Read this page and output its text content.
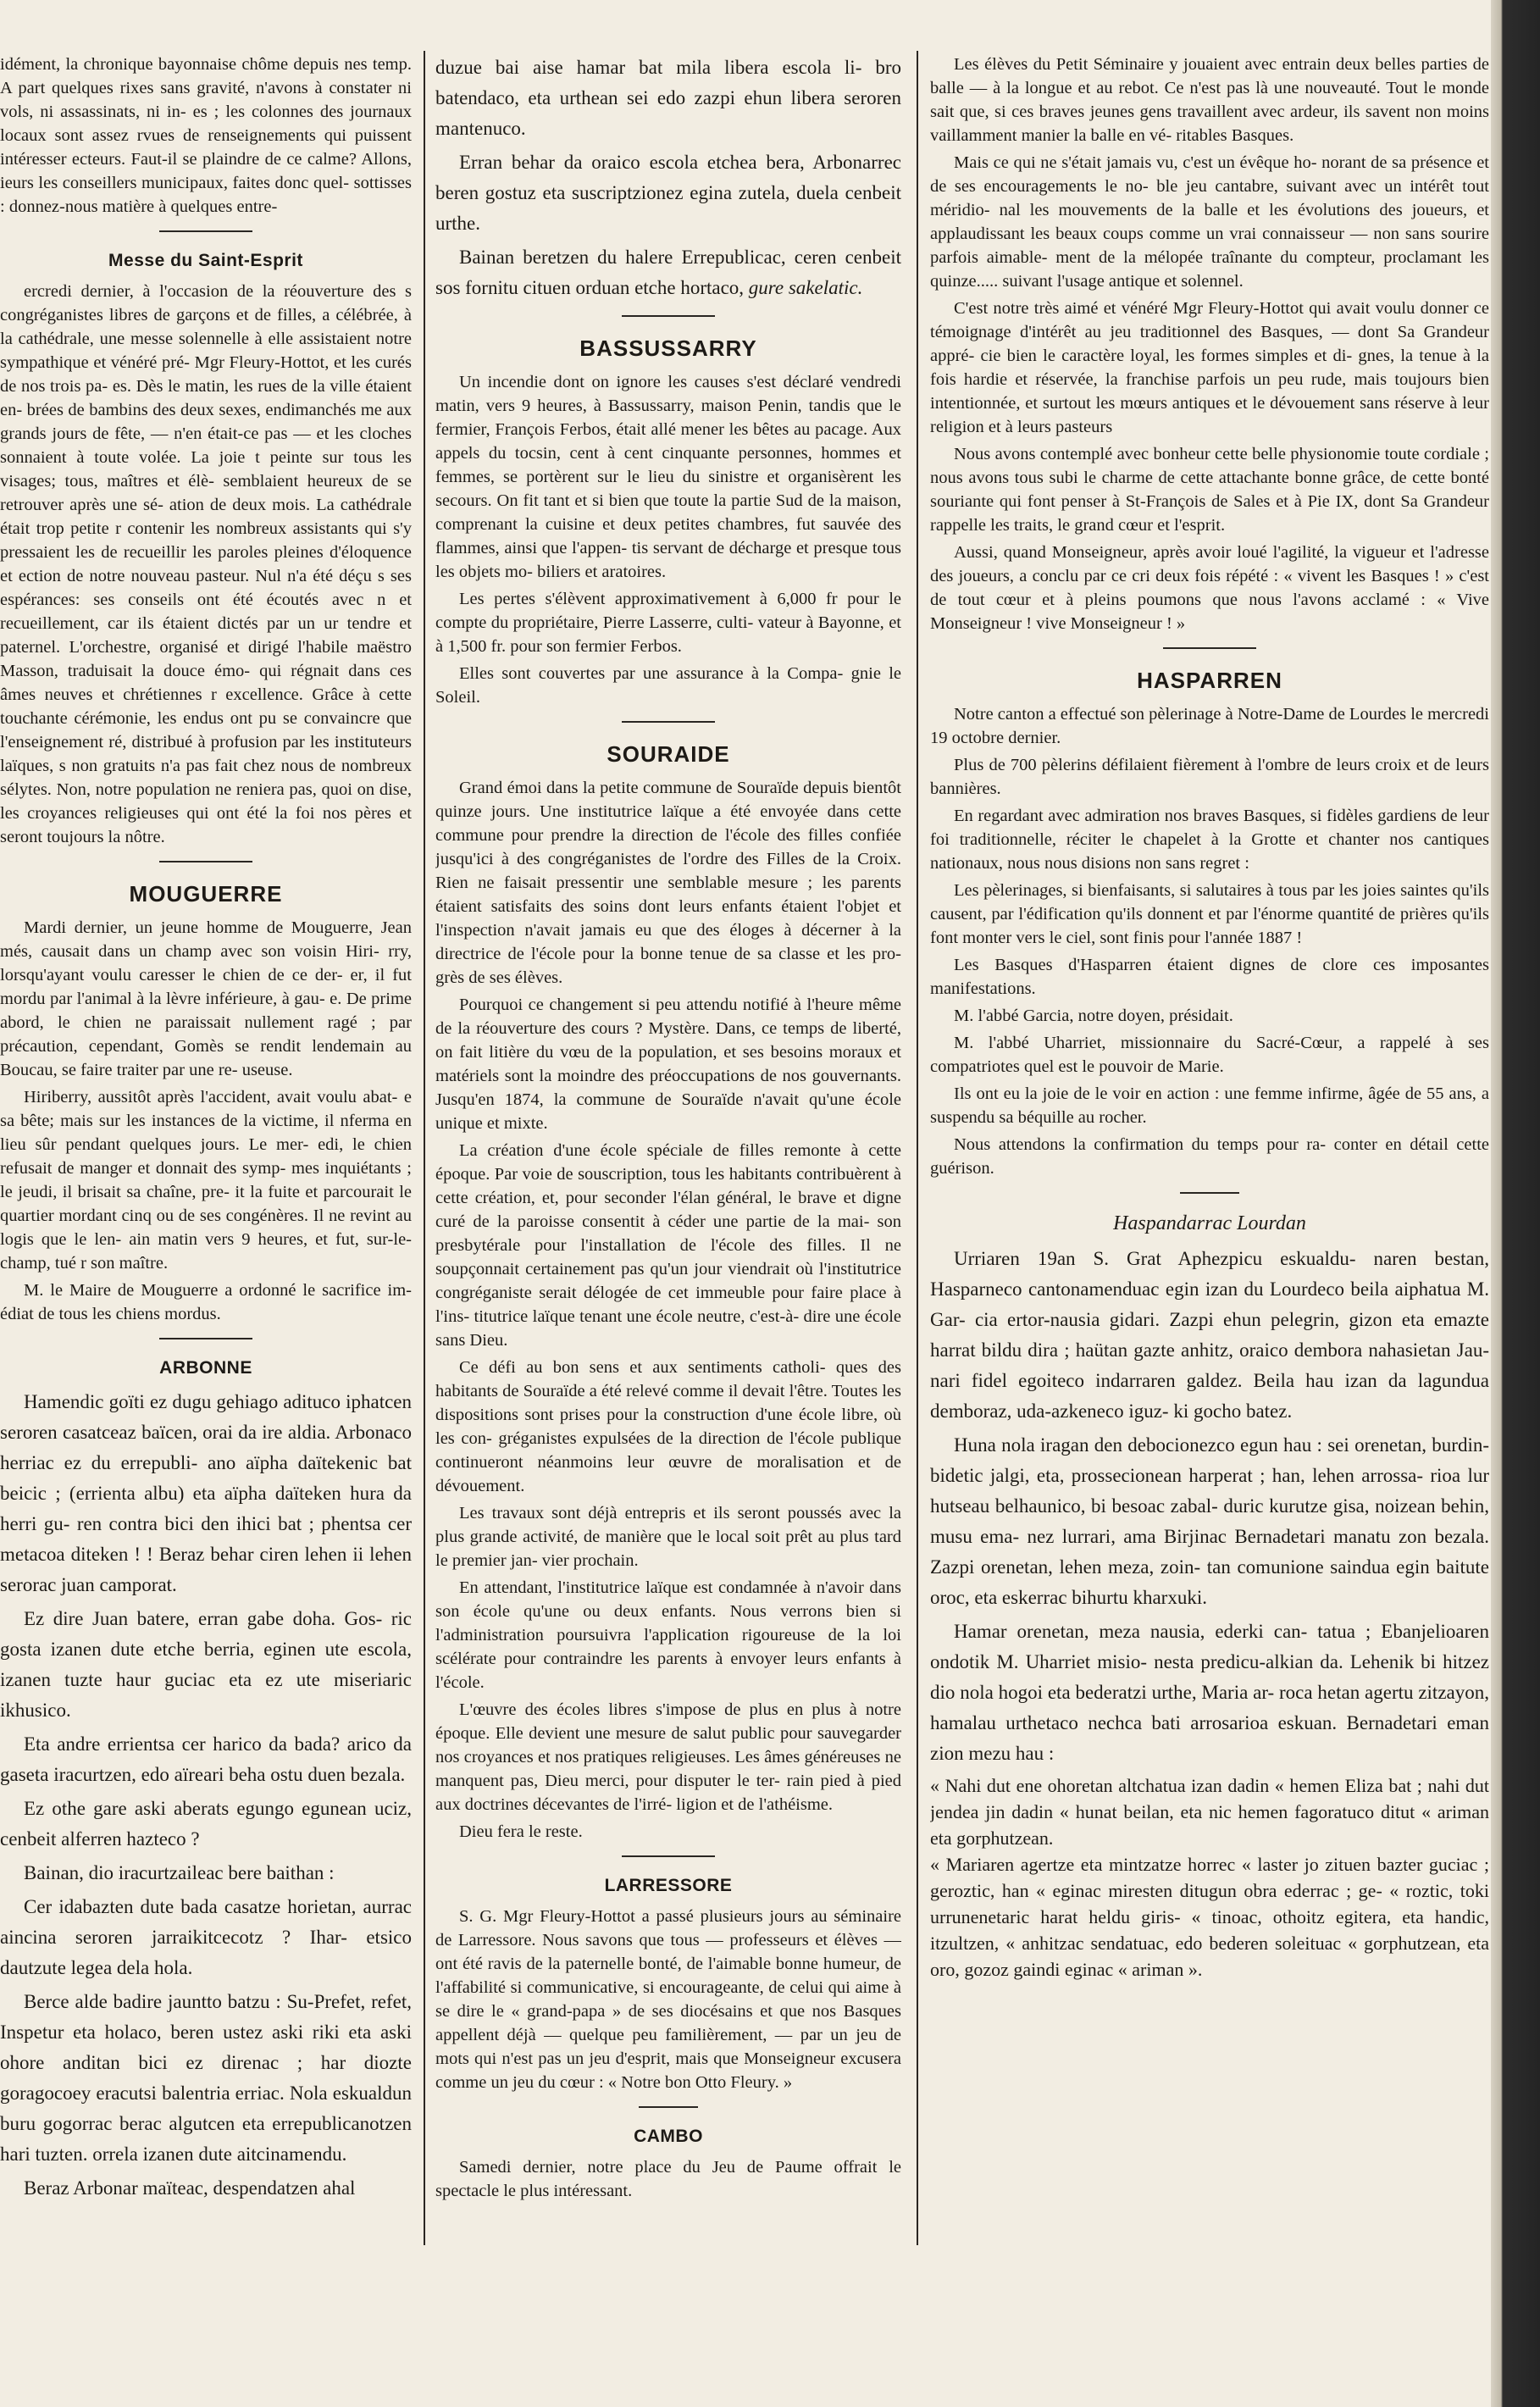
idément, la chronique bayonnaise chôme depuis nes temp. A part quelques rixes sans gravité, n'avons à constater ni vols, ni assassinats, ni in- es ; les colonnes des journaux locaux sont assez rvues de renseignements qui puissent intéresser ecteurs. Faut-il se plaindre de ce calme? Allons, ieurs les conseillers municipaux, faites donc quel- sottisses : donnez-nous matière à quelques entre-

Messe du Saint-Esprit

ercredi dernier, à l'occasion de la réouverture des s congréganistes libres de garçons et de filles, a célébrée, à la cathédrale, une messe solennelle à elle assistaient notre sympathique et vénéré pré- Mgr Fleury-Hottot, et les curés de nos trois pa- es. Dès le matin, les rues de la ville étaient en- brées de bambins des deux sexes, endimanchés me aux grands jours de fête, — n'en était-ce pas — et les cloches sonnaient à toute volée. La joie t peinte sur tous les visages; tous, maîtres et élè- semblaient heureux de se retrouver après une sé- ation de deux mois. La cathédrale était trop petite r contenir les nombreux assistants qui s'y pressaient les de recueillir les paroles pleines d'éloquence et ection de notre nouveau pasteur. Nul n'a été déçu s ses espérances: ses conseils ont été écoutés avec n et recueillement, car ils étaient dictés par un ur tendre et paternel. L'orchestre, organisé et dirigé l'habile maëstro Masson, traduisait la douce émo- qui régnait dans ces âmes neuves et chrétiennes r excellence. Grâce à cette touchante cérémonie, les endus ont pu se convaincre que l'enseignement ré, distribué à profusion par les instituteurs laïques, s non gratuits n'a pas fait chez nous de nombreux sélytes. Non, notre population ne reniera pas, quoi on dise, les croyances religieuses qui ont été la foi nos pères et seront toujours la nôtre.

MOUGUERRE

Mardi dernier, un jeune homme de Mouguerre, Jean més, causait dans un champ avec son voisin Hiri- rry, lorsqu'ayant voulu caresser le chien de ce der- er, il fut mordu par l'animal à la lèvre inférieure, à gau- e. De prime abord, le chien ne paraissait nullement ragé ; par précaution, cependant, Gomès se rendit lendemain au Boucau, se faire traiter par une re- useuse.

Hiriberry, aussitôt après l'accident, avait voulu abat- e sa bête; mais sur les instances de la victime, il nferma en lieu sûr pendant quelques jours. Le mer- edi, le chien refusait de manger et donnait des symp- mes inquiétants ; le jeudi, il brisait sa chaîne, pre- it la fuite et parcourait le quartier mordant cinq ou de ses congénères. Il ne revint au logis que le len- ain matin vers 9 heures, et fut, sur-le-champ, tué r son maître.

M. le Maire de Mouguerre a ordonné le sacrifice im- édiat de tous les chiens mordus.

ARBONNE

Hamendic goïti ez dugu gehiago adituco iphatcen seroren casatceaz baïcen, orai da ire aldia. Arbonaco herriac ez du errepubli- ano aïpha daïtekenic bat beicic ; (errienta albu) eta aïpha daïteken hura da herri gu- ren contra bici den ihici bat ; phentsa cer metacoa diteken ! ! Beraz behar ciren lehen ii lehen serorac juan camporat.

Ez dire Juan batere, erran gabe doha. Gos- ric gosta izanen dute etche berria, eginen ute escola, izanen tuzte haur guciac eta ez ute miseriaric ikhusico.

Eta andre errientsa cer harico da bada? arico da gaseta iracurtzen, edo aïreari beha ostu duen bezala.

Ez othe gare aski aberats egungo egunean uciz, cenbeit alferren hazteco ?

Bainan, dio iracurtzaileac bere baithan :

Cer idabazten dute bada casatze horietan, aurrac aincina seroren jarraikitcecotz ? Ihar- etsico dautzute legea dela hola.

Berce alde badire jauntto batzu : Su-Prefet, refet, Inspetur eta holaco, beren ustez aski riki eta aski ohore anditan bici ez direnac ; har diozte goragocoey eracutsi balentria erriac. Nola eskualdun buru gogorrac berac algutcen eta errepublicanotzen hari tuzten. orrela izanen dute aitcinamendu.

Beraz Arbonar maïteac, despendatzen ahal

duzue bai aise hamar bat mila libera escola li- bro batendaco, eta urthean sei edo zazpi ehun libera seroren mantenuco.

Erran behar da oraico escola etchea bera, Arbonarrec beren gostuz eta suscriptzionez egina zutela, duela cenbeit urthe.

Bainan beretzen du halere Errepublicac, ceren cenbeit sos fornitu cituen orduan etche hortaco, gure sakelatic.

BASSUSSARRY

Un incendie dont on ignore les causes s'est déclaré vendredi matin, vers 9 heures, à Bassussarry, maison Penin, tandis que le fermier, François Ferbos, était allé mener les bêtes au pacage. Aux appels du tocsin, cent à cent cinquante personnes, hommes et femmes, se portèrent sur le lieu du sinistre et organisèrent les secours. On fit tant et si bien que toute la partie Sud de la maison, comprenant la cuisine et deux petites chambres, fut sauvée des flammes, ainsi que l'appen- tis servant de décharge et presque tous les objets mo- biliers et aratoires.

Les pertes s'élèvent approximativement à 6,000 fr pour le compte du propriétaire, Pierre Lasserre, culti- vateur à Bayonne, et à 1,500 fr. pour son fermier Ferbos.

Elles sont couvertes par une assurance à la Compa- gnie le Soleil.

SOURAIDE

Grand émoi dans la petite commune de Souraïde depuis bientôt quinze jours. Une institutrice laïque a été envoyée dans cette commune pour prendre la direction de l'école des filles confiée jusqu'ici à des congréganistes de l'ordre des Filles de la Croix. Rien ne faisait pressentir une semblable mesure ; les parents étaient satisfaits des soins dont leurs enfants étaient l'objet et l'inspection n'avait jamais eu que des éloges à décerner à la directrice de l'école pour la bonne tenue de sa classe et les pro- grès de ses élèves.

Pourquoi ce changement si peu attendu notifié à l'heure même de la réouverture des cours ? Mystère. Dans, ce temps de liberté, on fait litière du vœu de la population, et ses besoins moraux et matériels sont la moindre des préoccupations de nos gouvernants. Jusqu'en 1874, la commune de Souraïde n'avait qu'une école unique et mixte.

La création d'une école spéciale de filles remonte à cette époque. Par voie de souscription, tous les habitants contribuèrent à cette création, et, pour seconder l'élan général, le brave et digne curé de la paroisse consentit à céder une partie de la mai- son presbytérale pour l'installation de l'école des filles. Il ne soupçonnait certainement pas qu'un jour viendrait où l'institutrice congréganiste serait délogée de cet immeuble pour faire place à l'ins- titutrice laïque tenant une école neutre, c'est-à- dire une école sans Dieu.

Ce défi au bon sens et aux sentiments catholi- ques des habitants de Souraïde a été relevé comme il devait l'être. Toutes les dispositions sont prises pour la construction d'une école libre, où les con- gréganistes expulsées de la direction de l'école publique continueront néanmoins leur œuvre de moralisation et de dévouement.

Les travaux sont déjà entrepris et ils seront poussés avec la plus grande activité, de manière que le local soit prêt au plus tard le premier jan- vier prochain.

En attendant, l'institutrice laïque est condamnée à n'avoir dans son école qu'une ou deux enfants. Nous verrons bien si l'administration poursuivra l'application rigoureuse de la loi scélérate pour contraindre les parents à envoyer leurs enfants à l'école.

L'œuvre des écoles libres s'impose de plus en plus à notre époque. Elle devient une mesure de salut public pour sauvegarder nos croyances et nos pratiques religieuses. Les âmes généreuses ne manquent pas, Dieu merci, pour disputer le ter- rain pied à pied aux doctrines décevantes de l'irré- ligion et de l'athéisme.

Dieu fera le reste.

LARRESSORE

S. G. Mgr Fleury-Hottot a passé plusieurs jours au séminaire de Larressore. Nous savons que tous — professeurs et élèves — ont été ravis de la paternelle bonté, de l'aimable bonne humeur, de l'affabilité si communicative, si encourageante, de celui qui aime à se dire le « grand-papa » de ses diocésains et que nos Basques appellent déjà — quelque peu familièrement, — par un jeu de mots qui n'est pas un jeu d'esprit, mais que Monseigneur excusera comme un jeu du cœur : « Notre bon Otto Fleury. »

CAMBO

Samedi dernier, notre place du Jeu de Paume offrait le spectacle le plus intéressant.

Les élèves du Petit Séminaire y jouaient avec entrain deux belles parties de balle — à la longue et au rebot. Ce n'est pas là une nouveauté. Tout le monde sait que, si ces braves jeunes gens travaillent avec ardeur, ils savent non moins vaillamment manier la balle en vé- ritables Basques.

Mais ce qui ne s'était jamais vu, c'est un évêque ho- norant de sa présence et de ses encouragements le no- ble jeu cantabre, suivant avec un intérêt tout méridio- nal les mouvements de la balle et les évolutions des joueurs, et applaudissant les beaux coups comme un vrai connaisseur — non sans sourire parfois aimable- ment de la mélopée traînante du compteur, proclamant les quinze..... suivant l'usage antique et solennel.

C'est notre très aimé et vénéré Mgr Fleury-Hottot qui avait voulu donner ce témoignage d'intérêt au jeu traditionnel des Basques, — dont Sa Grandeur appré- cie bien le caractère loyal, les formes simples et di- gnes, la tenue à la fois hardie et réservée, la franchise parfois un peu rude, mais toujours bien intentionnée, et surtout les mœurs antiques et le dévouement sans réserve à leur religion et à leurs pasteurs

Nous avons contemplé avec bonheur cette belle physionomie toute cordiale ; nous avons tous subi le charme de cette attachante bonne grâce, de cette bonté souriante qui font penser à St-François de Sales et à Pie IX, dont Sa Grandeur rappelle les traits, le grand cœur et l'esprit.

Aussi, quand Monseigneur, après avoir loué l'agilité, la vigueur et l'adresse des joueurs, a conclu par ce cri deux fois répété : « vivent les Basques ! » c'est de tout cœur et à pleins poumons que nous l'avons acclamé : « Vive Monseigneur ! vive Monseigneur ! »

HASPARREN

Notre canton a effectué son pèlerinage à Notre-Dame de Lourdes le mercredi 19 octobre dernier.

Plus de 700 pèlerins défilaient fièrement à l'ombre de leurs croix et de leurs bannières.

En regardant avec admiration nos braves Basques, si fidèles gardiens de leur foi traditionnelle, réciter le chapelet à la Grotte et chanter nos cantiques nationaux, nous nous disions non sans regret :

Les pèlerinages, si bienfaisants, si salutaires à tous par les joies saintes qu'ils causent, par l'édification qu'ils donnent et par l'énorme quantité de prières qu'ils font monter vers le ciel, sont finis pour l'année 1887 !

Les Basques d'Hasparren étaient dignes de clore ces imposantes manifestations.

M. l'abbé Garcia, notre doyen, présidait.

M. l'abbé Uharriet, missionnaire du Sacré-Cœur, a rappelé à ses compatriotes quel est le pouvoir de Marie.

Ils ont eu la joie de le voir en action : une femme infirme, âgée de 55 ans, a suspendu sa béquille au rocher.

Nous attendons la confirmation du temps pour ra- conter en détail cette guérison.

Haspandarrac Lourdan

Urriaren 19an S. Grat Aphezpicu eskualdu- naren bestan, Hasparneco cantonamenduac egin izan du Lourdeco beila aiphatua M. Gar- cia ertor-nausia gidari. Zazpi ehun pelegrin, gizon eta emazte harrat bildu dira ; haütan gazte anhitz, oraico dembora nahasietan Jau- nari fidel egoiteco indarraren galdez. Beila hau izan da lagundua demboraz, uda-azkeneco iguz- ki gocho batez.

Huna nola iragan den debocionezco egun hau : sei orenetan, burdin-bidetic jalgi, eta, prossecionean harperat ; han, lehen arrossa- rioa lur hutseau belhaunico, bi besoac zabal- duric kurutze gisa, noizean behin, musu ema- nez lurrari, ama Birjinac Bernadetari manatu zon bezala. Zazpi orenetan, lehen meza, zoin- tan comunione saindua egin baitute oroc, eta eskerrac bihurtu kharxuki.

Hamar orenetan, meza nausia, ederki can- tatua ; Ebanjelioaren ondotik M. Uharriet misio- nesta predicu-alkian da. Lehenik bi hitzez dio nola hogoi eta bederatzi urthe, Maria ar- roca hetan agertu zitzayon, hamalau urthetaco nechca bati arrosarioa eskuan. Bernadetari eman zion mezu hau :

« Nahi dut ene ohoretan altchatua izan dadin « hemen Eliza bat ; nahi dut jendea jin dadin « hunat beilan, eta nic hemen fagoratuco ditut « ariman eta gorphutzean.

« Mariaren agertze eta mintzatze horrec « laster jo zituen bazter guciac ; geroztic, han « eginac miresten ditugun obra ederrac ; ge- « roztic, toki urrunenetaric harat heldu giris- « tinoac, othoitz egitera, eta handic, itzultzen, « anhitzac sendatuac, edo bederen soleituac « gorphutzean, eta oro, gozoz gaindi eginac « ariman ».
